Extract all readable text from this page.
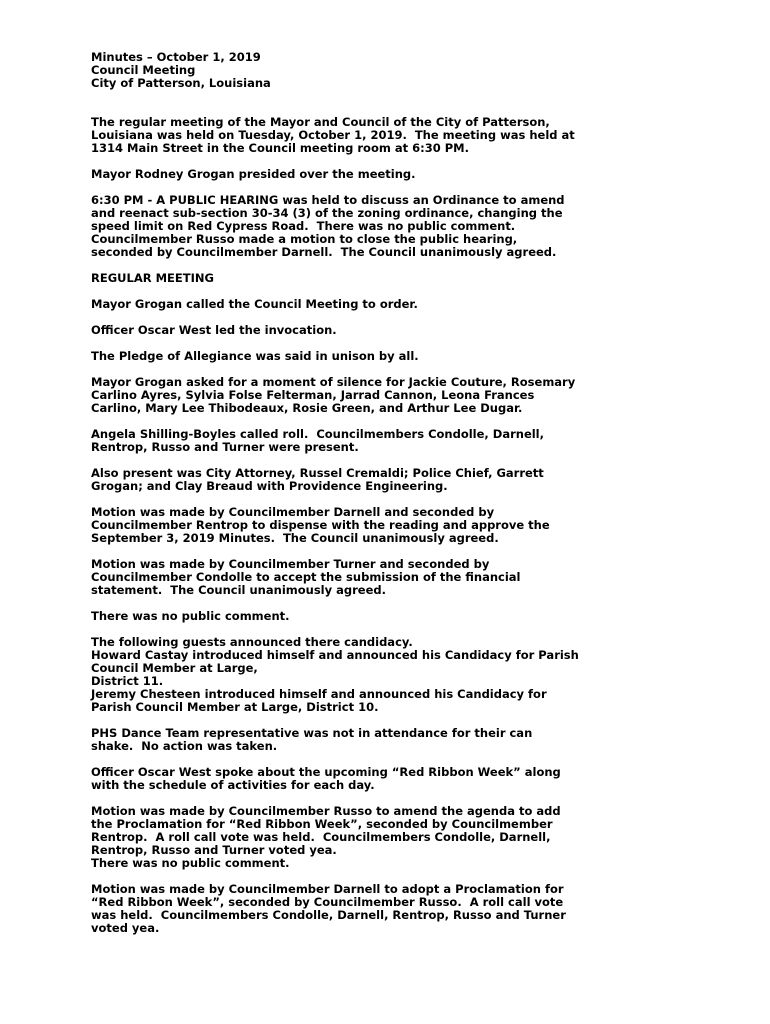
Minutes – October 1, 2019
Council Meeting
City of Patterson, Louisiana
The regular meeting of the Mayor and Council of the City of Patterson,
Louisiana was held on Tuesday, October 1, 2019.  The meeting was held at
1314 Main Street in the Council meeting room at 6:30 PM.
Mayor Rodney Grogan presided over the meeting.
6:30 PM - A PUBLIC HEARING was held to discuss an Ordinance to amend
and reenact sub-section 30-34 (3) of the zoning ordinance, changing the
speed limit on Red Cypress Road.  There was no public comment.
Councilmember Russo made a motion to close the public hearing,
seconded by Councilmember Darnell.  The Council unanimously agreed.
REGULAR MEETING
Mayor Grogan called the Council Meeting to order.
Officer Oscar West led the invocation.
The Pledge of Allegiance was said in unison by all.
Mayor Grogan asked for a moment of silence for Jackie Couture, Rosemary
Carlino Ayres, Sylvia Folse Felterman, Jarrad Cannon, Leona Frances
Carlino, Mary Lee Thibodeaux, Rosie Green, and Arthur Lee Dugar.
Angela Shilling-Boyles called roll.  Councilmembers Condolle, Darnell,
Rentrop, Russo and Turner were present.
Also present was City Attorney, Russel Cremaldi; Police Chief, Garrett
Grogan; and Clay Breaud with Providence Engineering.
Motion was made by Councilmember Darnell and seconded by
Councilmember Rentrop to dispense with the reading and approve the
September 3, 2019 Minutes.  The Council unanimously agreed.
Motion was made by Councilmember Turner and seconded by
Councilmember Condolle to accept the submission of the financial
statement.  The Council unanimously agreed.
There was no public comment.
The following guests announced there candidacy.
Howard Castay introduced himself and announced his Candidacy for Parish
Council Member at Large,
District 11.
Jeremy Chesteen introduced himself and announced his Candidacy for
Parish Council Member at Large, District 10.
PHS Dance Team representative was not in attendance for their can
shake.  No action was taken.
Officer Oscar West spoke about the upcoming “Red Ribbon Week” along
with the schedule of activities for each day.
Motion was made by Councilmember Russo to amend the agenda to add
the Proclamation for “Red Ribbon Week”, seconded by Councilmember
Rentrop.  A roll call vote was held.  Councilmembers Condolle, Darnell,
Rentrop, Russo and Turner voted yea.
There was no public comment.
Motion was made by Councilmember Darnell to adopt a Proclamation for
“Red Ribbon Week”, seconded by Councilmember Russo.  A roll call vote
was held.  Councilmembers Condolle, Darnell, Rentrop, Russo and Turner
voted yea.
